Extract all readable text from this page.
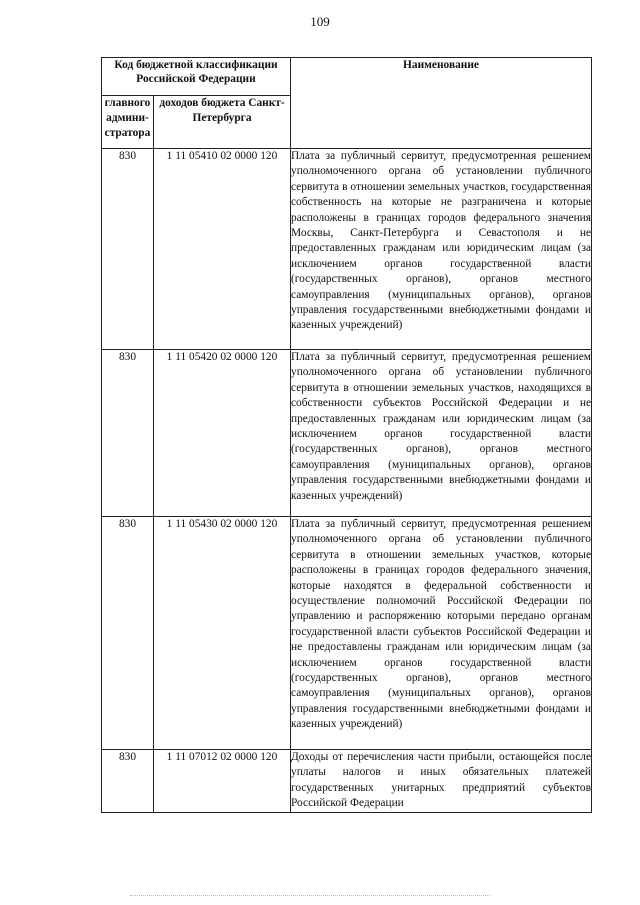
109
Код бюджетной классификации Российской Федерации		Наименование
главного админи-стратора	доходов бюджета Санкт-Петербурга	
830	1 11 05410 02 0000 120	Плата за публичный сервитут, предусмотренная решением уполномоченного органа об установлении публичного сервитута в отношении земельных участков, государственная собственность на которые не разграничена и которые расположены в границах городов федерального значения Москвы, Санкт-Петербурга и Севастополя и не предоставленных гражданам или юридическим лицам (за исключением органов государственной власти (государственных органов), органов местного самоуправления (муниципальных органов), органов управления государственными внебюджетными фондами и казенных учреждений)
830	1 11 05420 02 0000 120	Плата за публичный сервитут, предусмотренная решением уполномоченного органа об установлении публичного сервитута в отношении земельных участков, находящихся в собственности субъектов Российской Федерации и не предоставленных гражданам или юридическим лицам (за исключением органов государственной власти (государственных органов), органов местного самоуправления (муниципальных органов), органов управления государственными внебюджетными фондами и казенных учреждений)
830	1 11 05430 02 0000 120	Плата за публичный сервитут, предусмотренная решением уполномоченного органа об установлении публичного сервитута в отношении земельных участков, которые расположены в границах городов федерального значения, которые находятся в федеральной собственности и осуществление полномочий Российской Федерации по управлению и распоряжению которыми передано органам государственной власти субъектов Российской Федерации и не предоставлены гражданам или юридическим лицам (за исключением органов государственной власти (государственных органов), органов местного самоуправления (муниципальных органов), органов управления государственными внебюджетными фондами и казенных учреждений)
830	1 11 07012 02 0000 120	Доходы от перечисления части прибыли, остающейся после уплаты налогов и иных обязательных платежей государственных унитарных предприятий субъектов Российской Федерации
